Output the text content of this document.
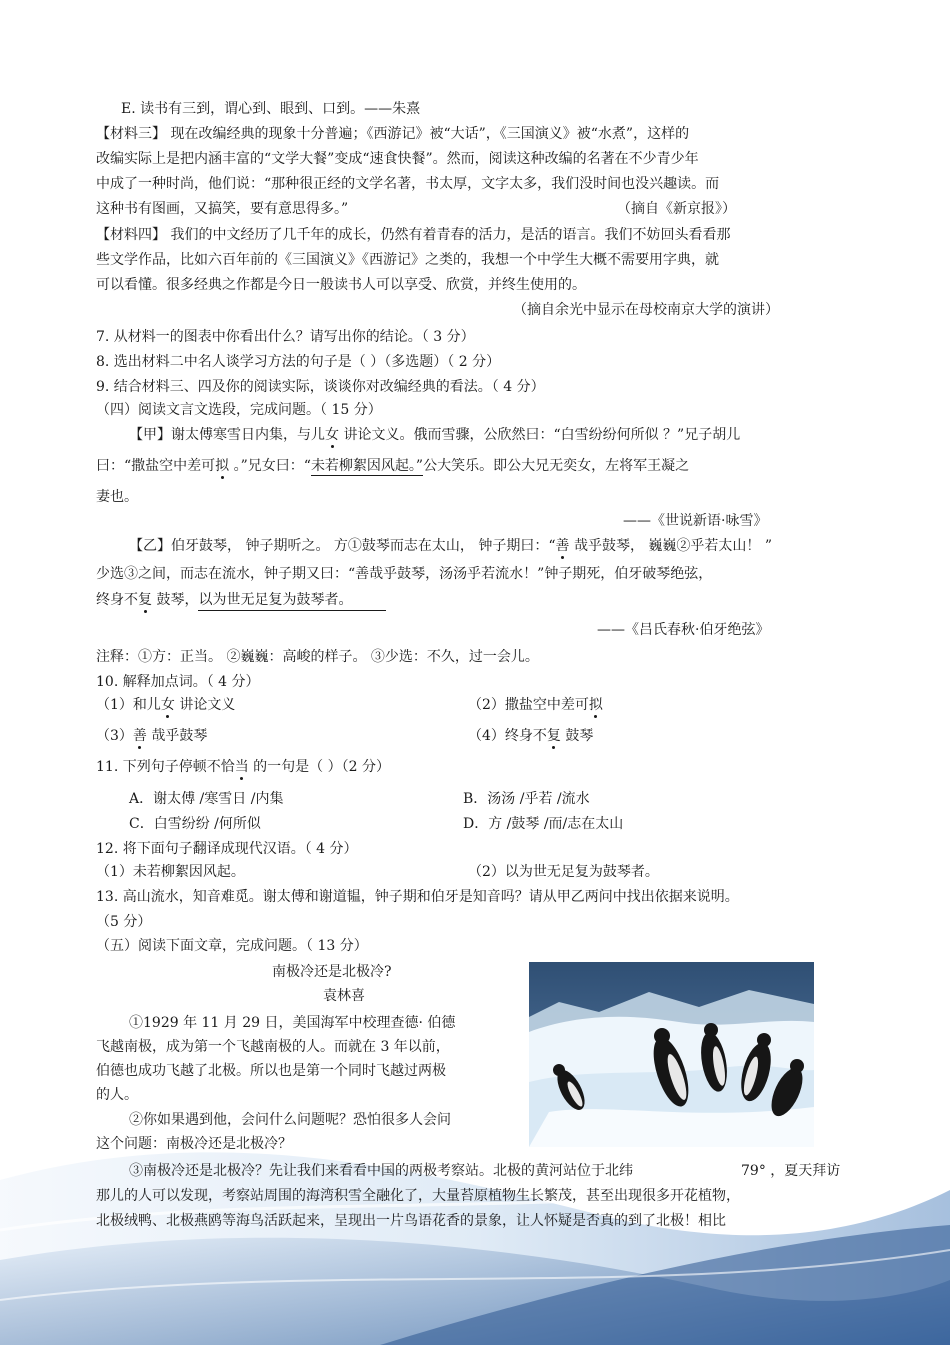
E. 读书有三到，谓心到、眼到、口到。——朱熹
【材料三】 现在改编经典的现象十分普遍；《西游记》被“大话”，《三国演义》被“水煮”，这样的
改编实际上是把内涵丰富的“文学大餐”变成“速食快餐”。然而，阅读这种改编的名著在不少青少年
中成了一种时尚，他们说：“那种很正经的文学名著，书太厚，文字太多，我们没时间也没兴趣读。而
这种书有图画，又搞笑，要有意思得多。”	（摘自《新京报》）
【材料四】 我们的中文经历了几千年的成长，仍然有着青春的活力，是活的语言。我们不妨回头看看那
些文学作品，比如六百年前的《三国演义》《西游记》之类的，我想一个中学生大概不需要用字典，就
可以看懂。很多经典之作都是今日一般读书人可以享受、欣赏，并终生使用的。
（摘自余光中显示在母校南京大学的演讲）
7. 从材料一的图表中你看出什么？请写出你的结论。（ 3 分）
8. 选出材料二中名人谈学习方法的句子是（ ）（多选题）（ 2 分）
9. 结合材料三、四及你的阅读实际，谈谈你对改编经典的看法。（ 4 分）
（四）阅读文言文选段，完成问题。（ 15 分）
【甲】谢太傅寒雪日内集，与儿女 讲论文义。俄而雪骤，公欣然曰：“白雪纷纷何所似 ？”兄子胡儿
曰：“撒盐空中差可拟 。”兄女曰：“未若柳絮因风起。”公大笑乐。即公大兄无奕女，左将军王凝之
妻也。
——《世说新语·咏雪》
【乙】伯牙鼓琴， 钟子期听之。 方①鼓琴而志在太山， 钟子期曰：“善 哉乎鼓琴， 巍巍②乎若太山！ ”
少选③之间，而志在流水，钟子期又曰：“善哉乎鼓琴，汤汤乎若流水！”钟子期死，伯牙破琴绝弦，
终身不复 鼓琴，以为世无足复为鼓琴者。
——《吕氏春秋·伯牙绝弦》
注释：①方：正当。 ②巍巍：高峻的样子。 ③少选：不久，过一会儿。
10. 解释加点词。（ 4 分）
（1）和儿女 讲论文义	（2）撒盐空中差可拟
（3）善 哉乎鼓琴	（4）终身不复 鼓琴
11. 下列句子停顿不恰当 的一句是（ ）（2 分）
A．谢太傅 /寒雪日 /内集	B．汤汤 /乎若 /流水
C．白雪纷纷 /何所似	D．方 /鼓琴 /而/志在太山
12. 将下面句子翻译成现代汉语。（ 4 分）
（1）未若柳絮因风起。	（2）以为世无足复为鼓琴者。
13. 高山流水，知音难觅。谢太傅和谢道韫，钟子期和伯牙是知音吗？请从甲乙两问中找出依据来说明。
（5 分）
（五）阅读下面文章，完成问题。（ 13 分）
南极冷还是北极冷?
袁林喜
①1929 年 11 月 29 日，美国海军中校理查德· 伯德
飞越南极，成为第一个飞越南极的人。而就在 3 年以前，
伯德也成功飞越了北极。所以也是第一个同时飞越过两极
的人。
②你如果遇到他，会问什么问题呢？恐怕很多人会问
这个问题：南极冷还是北极冷？
③南极冷还是北极冷？先让我们来看看中国的两极考察站。北极的黄河站位于北纬	79° ，夏天拜访
那儿的人可以发现，考察站周围的海湾积雪全融化了，大量苔原植物生长繁茂，甚至出现很多开花植物，
北极绒鸭、北极燕鸥等海鸟活跃起来，呈现出一片鸟语花香的景象，让人怀疑是否真的到了北极！相比
